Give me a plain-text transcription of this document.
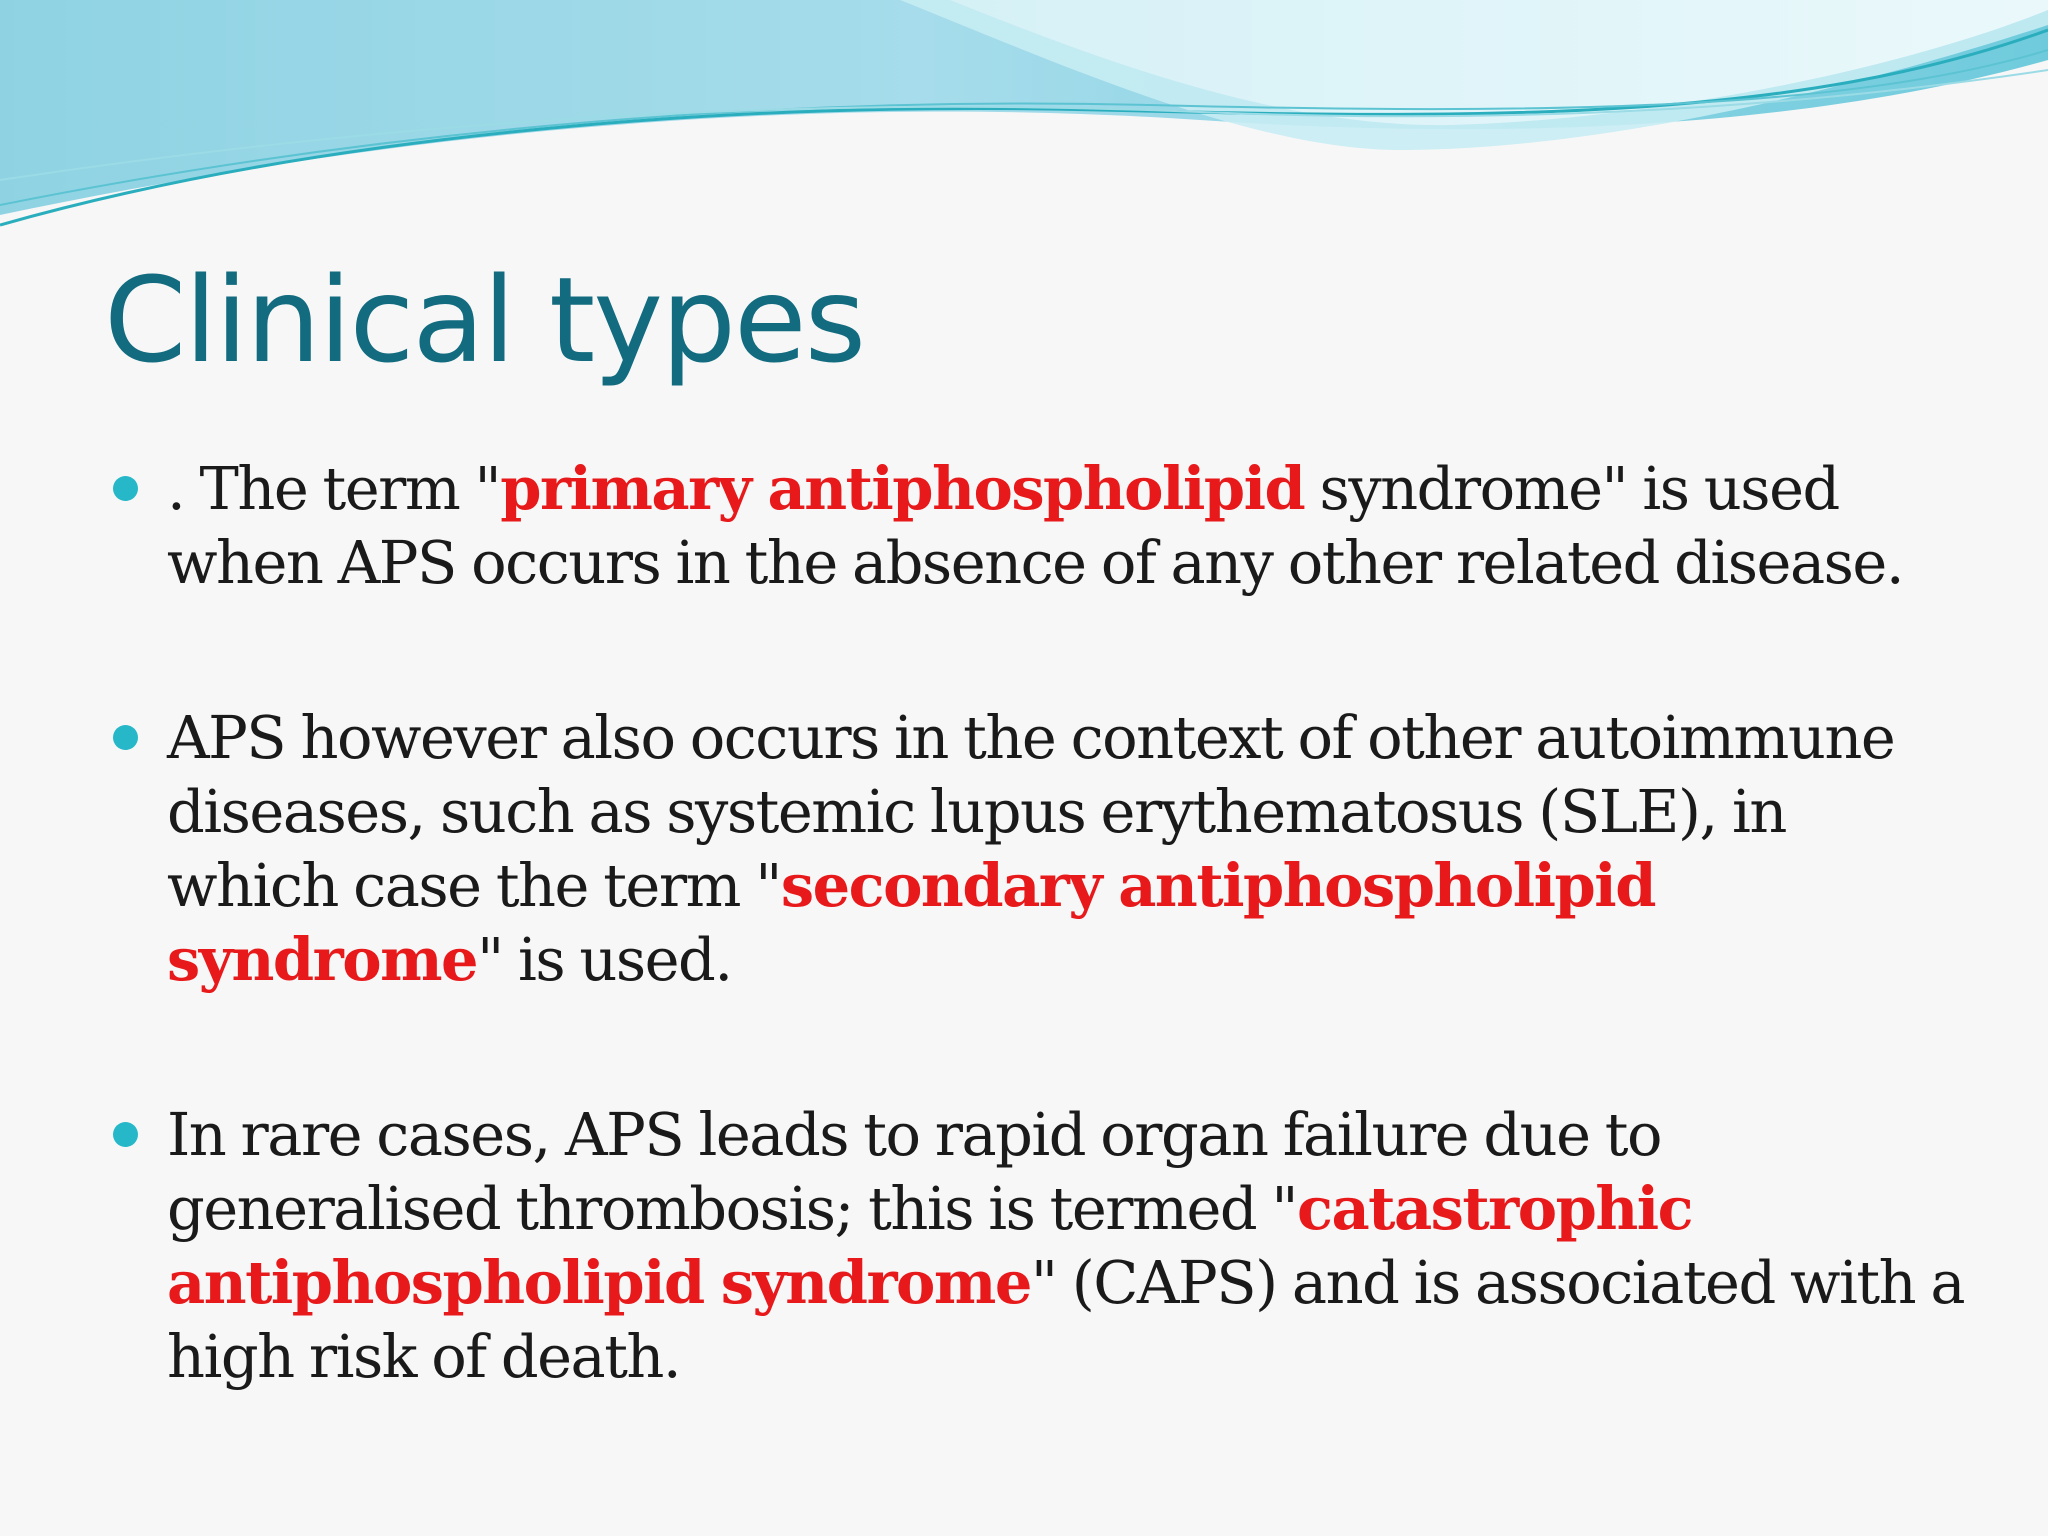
Clinical types
. The term "primary antiphospholipid syndrome" is used when APS occurs in the absence of any other related disease.
APS however also occurs in the context of other autoimmune diseases, such as systemic lupus erythematosus (SLE), in which case the term "secondary antiphospholipid syndrome" is used.
In rare cases, APS leads to rapid organ failure due to generalised thrombosis; this is termed "catastrophic antiphospholipid syndrome" (CAPS) and is associated with a high risk of death.
